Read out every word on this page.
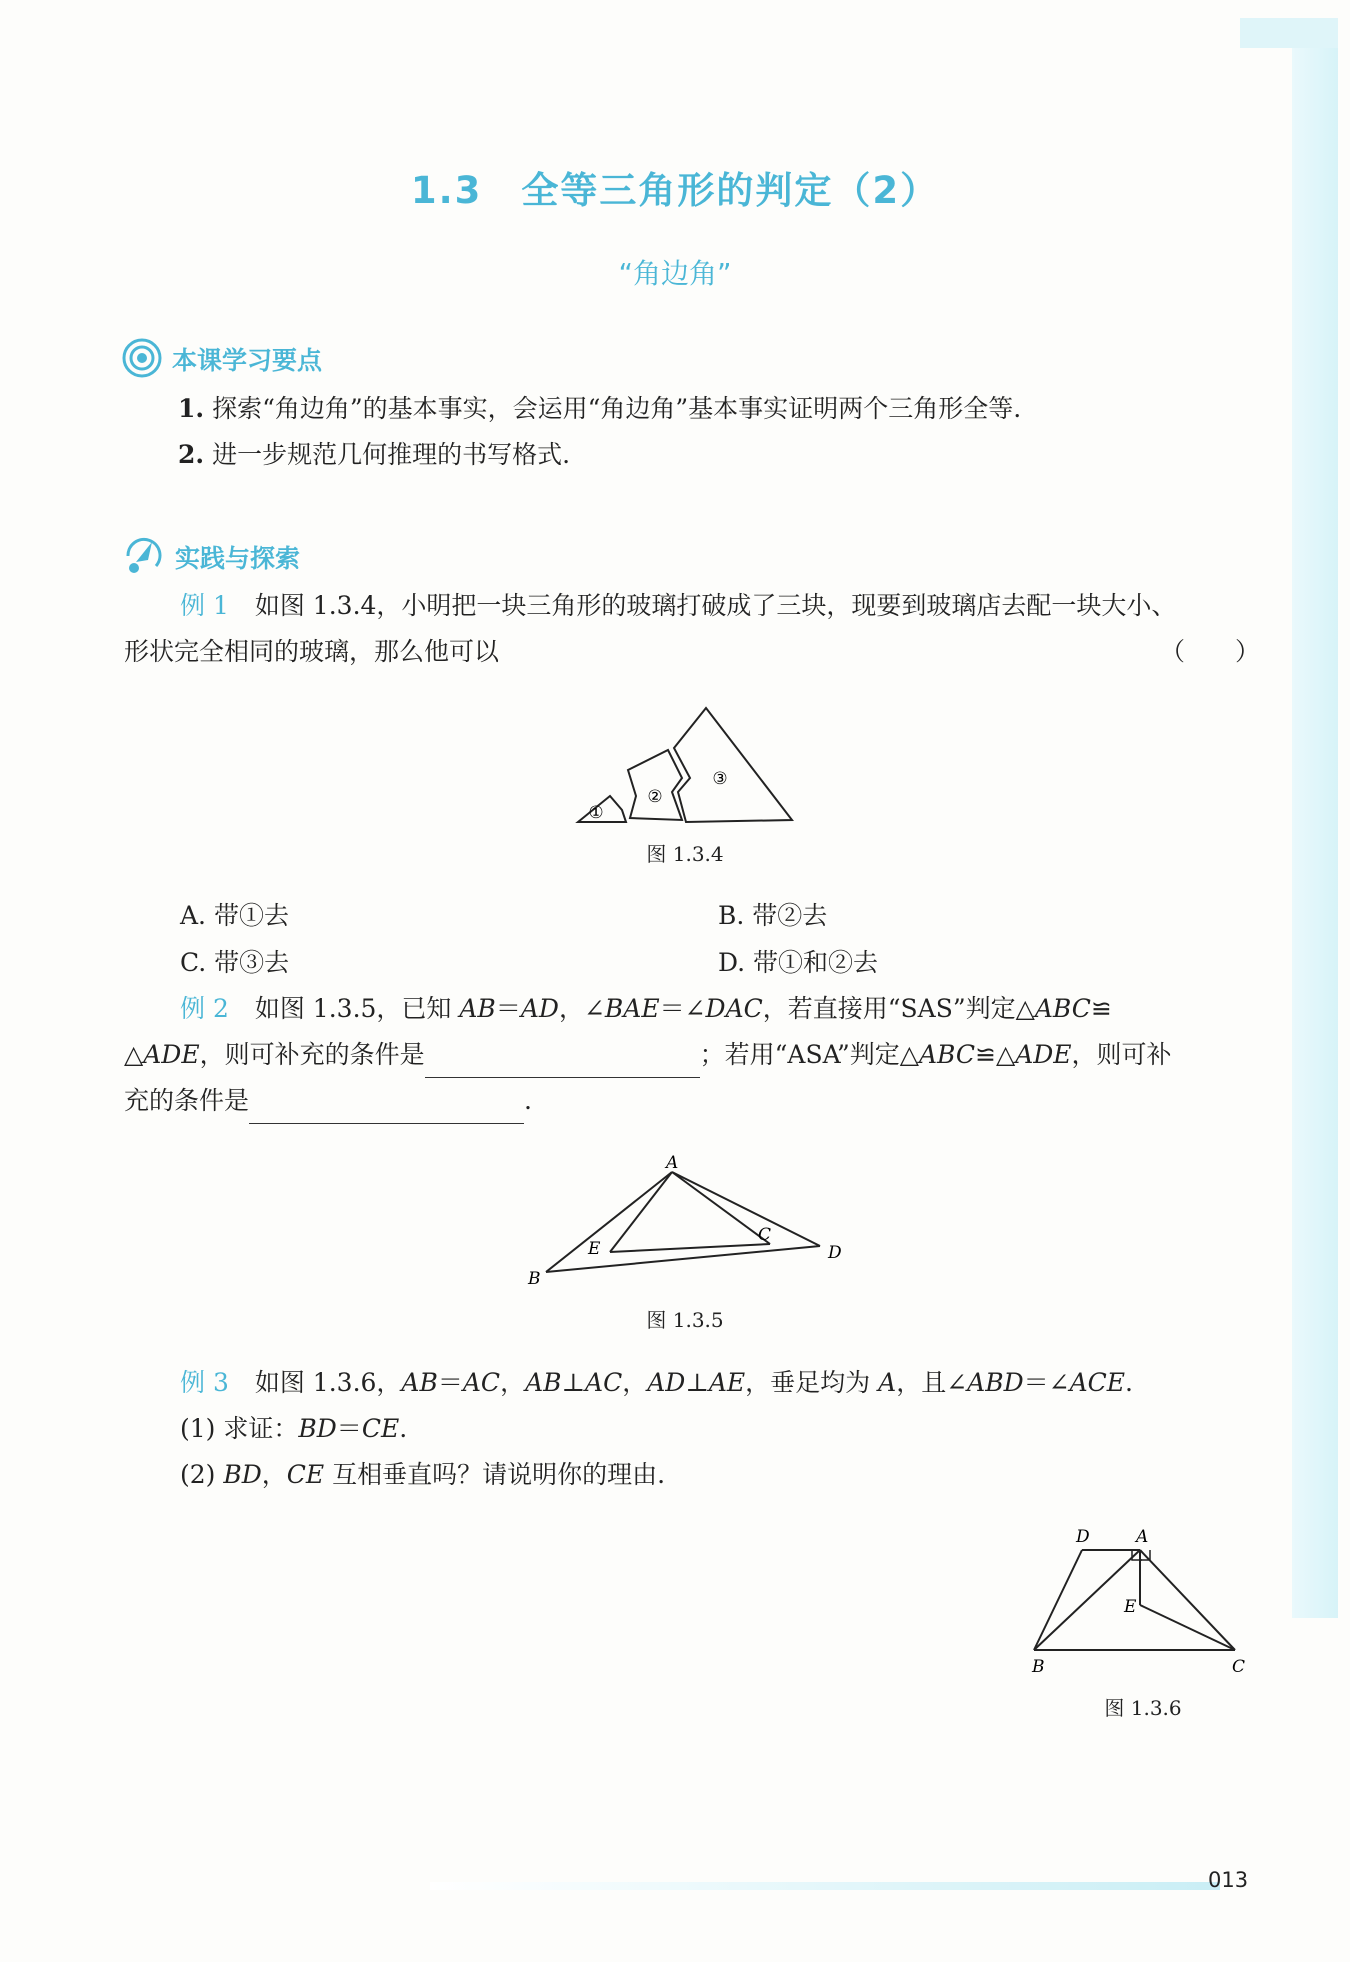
1.3　全等三角形的判定（2）
“角边角”
本课学习要点
1. 探索“角边角”的基本事实，会运用“角边角”基本事实证明两个三角形全等.
2. 进一步规范几何推理的书写格式.
实践与探索
例 1 如图 1.3.4，小明把一块三角形的玻璃打破成了三块，现要到玻璃店去配一块大小、
形状完全相同的玻璃，那么他可以	（　　）
①
②
③
图 1.3.4
A. 带①去	B. 带②去
C. 带③去	D. 带①和②去
例 2 如图 1.3.5，已知 AB＝AD，∠BAE＝∠DAC，若直接用“SAS”判定△ABC≌
△ADE，则可补充的条件是	；若用“ASA”判定△ABC≌△ADE，则可补
充的条件是	.
A
B
C
D
E
图 1.3.5
例 3 如图 1.3.6，AB＝AC，AB⊥AC，AD⊥AE，垂足均为 A，且∠ABD＝∠ACE.
(1) 求证：BD＝CE.
(2) BD，CE 互相垂直吗？请说明你的理由.
D	A
E
B	C
图 1.3.6
013
